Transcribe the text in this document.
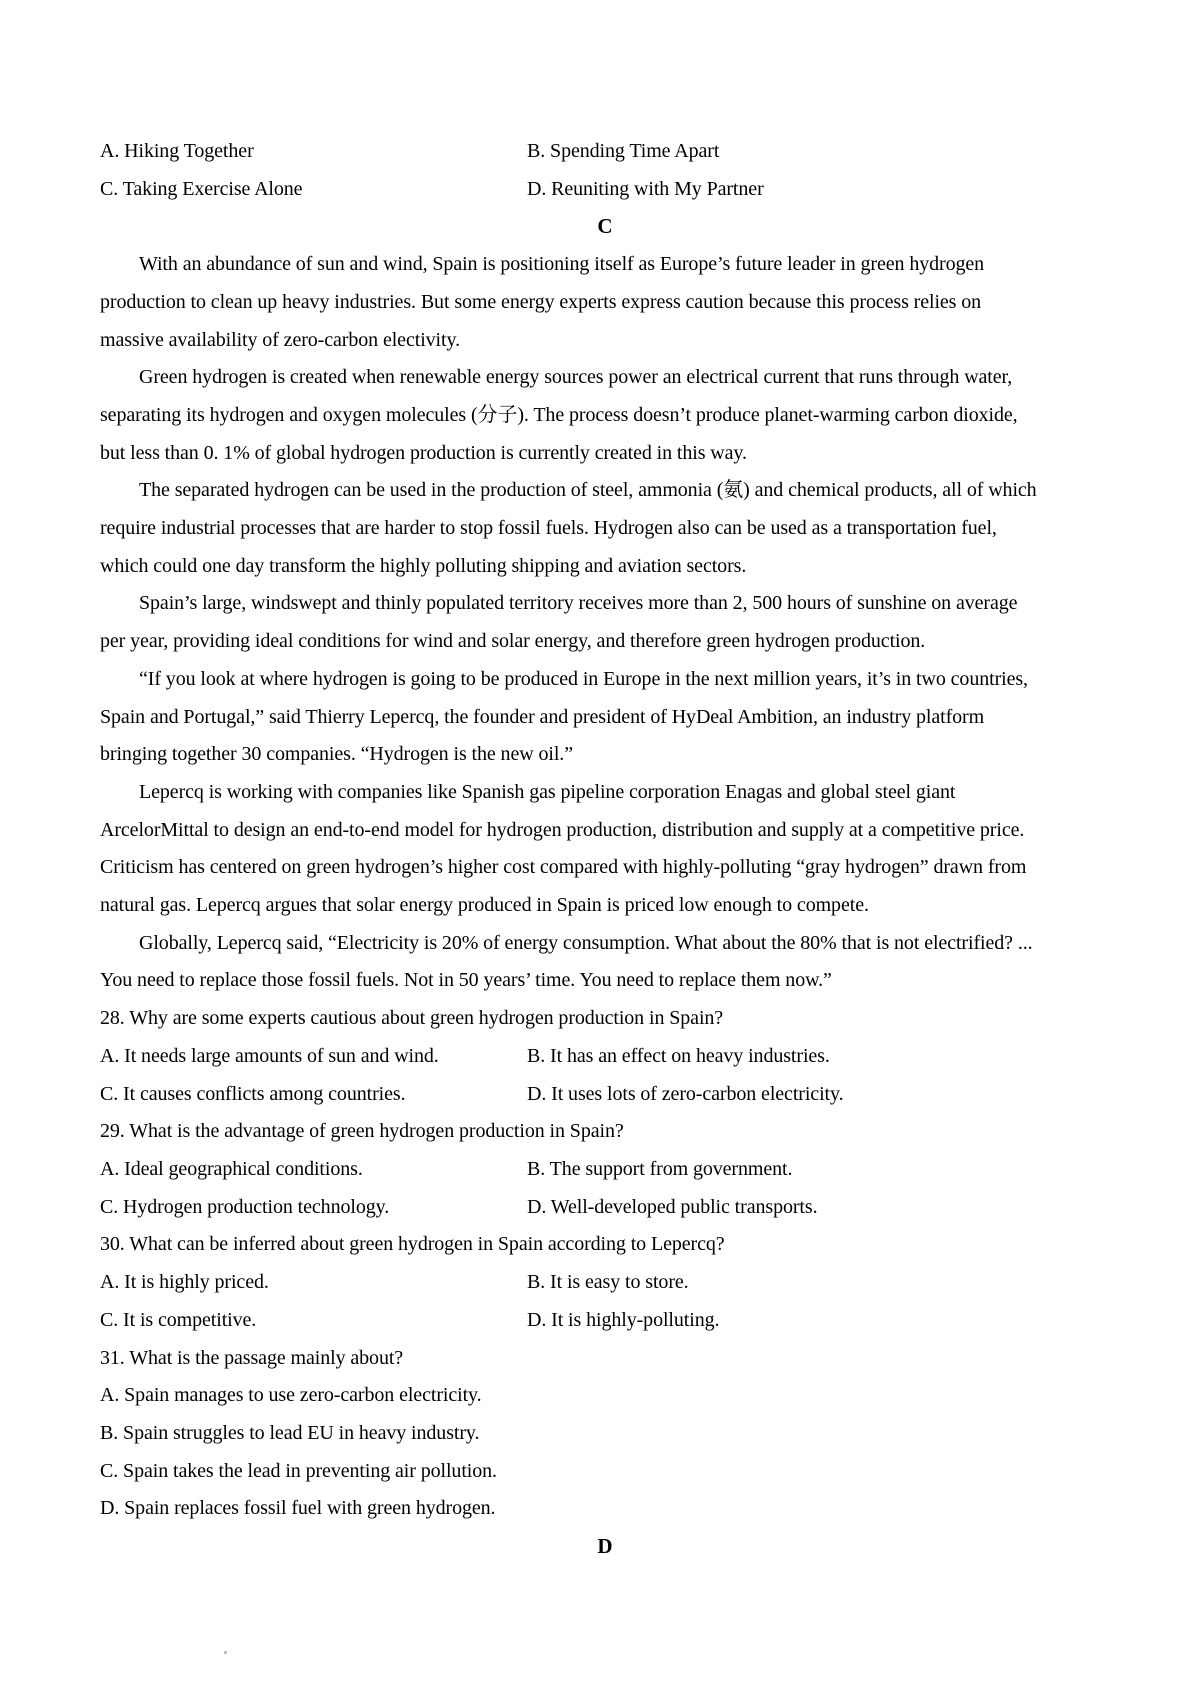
A. Hiking Together	B. Spending Time Apart
C. Taking Exercise Alone	D. Reuniting with My Partner
C
With an abundance of sun and wind, Spain is positioning itself as Europe’s future leader in green hydrogen
production to clean up heavy industries. But some energy experts express caution because this process relies on
massive availability of zero-carbon electivity.
Green hydrogen is created when renewable energy sources power an electrical current that runs through water,
separating its hydrogen and oxygen molecules (分子). The process doesn’t produce planet-warming carbon dioxide,
but less than 0. 1% of global hydrogen production is currently created in this way.
The separated hydrogen can be used in the production of steel, ammonia (氨) and chemical products, all of which
require industrial processes that are harder to stop fossil fuels. Hydrogen also can be used as a transportation fuel,
which could one day transform the highly polluting shipping and aviation sectors.
Spain’s large, windswept and thinly populated territory receives more than 2, 500 hours of sunshine on average
per year, providing ideal conditions for wind and solar energy, and therefore green hydrogen production.
“If you look at where hydrogen is going to be produced in Europe in the next million years, it’s in two countries,
Spain and Portugal,” said Thierry Lepercq, the founder and president of HyDeal Ambition, an industry platform
bringing together 30 companies. “Hydrogen is the new oil.”
Lepercq is working with companies like Spanish gas pipeline corporation Enagas and global steel giant
ArcelorMittal to design an end-to-end model for hydrogen production, distribution and supply at a competitive price.
Criticism has centered on green hydrogen’s higher cost compared with highly-polluting “gray hydrogen” drawn from
natural gas. Lepercq argues that solar energy produced in Spain is priced low enough to compete.
Globally, Lepercq said, “Electricity is 20% of energy consumption. What about the 80% that is not electrified? ...
You need to replace those fossil fuels. Not in 50 years’ time. You need to replace them now.”
28. Why are some experts cautious about green hydrogen production in Spain?
A. It needs large amounts of sun and wind.	B. It has an effect on heavy industries.
C. It causes conflicts among countries.	D. It uses lots of zero-carbon electricity.
29. What is the advantage of green hydrogen production in Spain?
A. Ideal geographical conditions.	B. The support from government.
C. Hydrogen production technology.	D. Well-developed public transports.
30. What can be inferred about green hydrogen in Spain according to Lepercq?
A. It is highly priced.	B. It is easy to store.
C. It is competitive.	D. It is highly-polluting.
31. What is the passage mainly about?
A. Spain manages to use zero-carbon electricity.
B. Spain struggles to lead EU in heavy industry.
C. Spain takes the lead in preventing air pollution.
D. Spain replaces fossil fuel with green hydrogen.
D
